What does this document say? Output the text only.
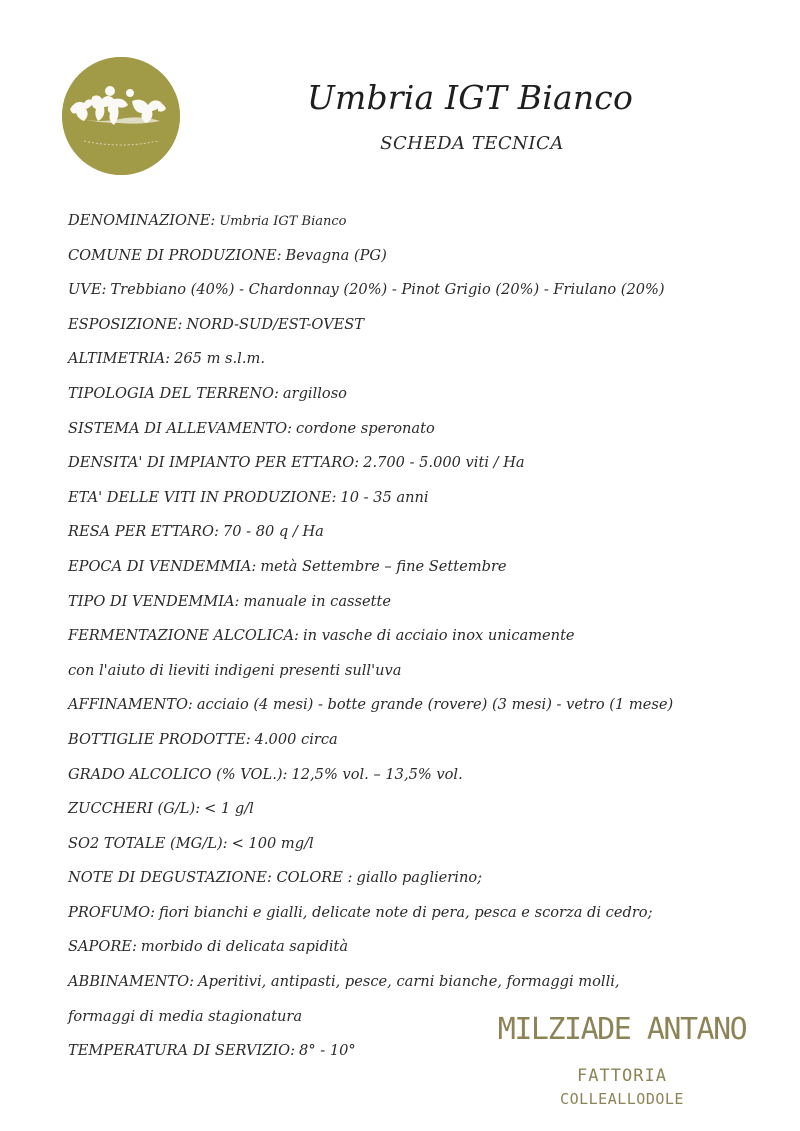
Umbria IGT Bianco
SCHEDA TECNICA
DENOMINAZIONE: Umbria IGT Bianco
COMUNE DI PRODUZIONE: Bevagna (PG)
UVE: Trebbiano (40%) - Chardonnay (20%) - Pinot Grigio (20%) - Friulano (20%)
ESPOSIZIONE: NORD-SUD/EST-OVEST
ALTIMETRIA: 265 m s.l.m.
TIPOLOGIA DEL TERRENO: argilloso
SISTEMA DI ALLEVAMENTO: cordone speronato
DENSITA' DI IMPIANTO PER ETTARO: 2.700 - 5.000 viti / Ha
ETA' DELLE VITI IN PRODUZIONE: 10 - 35 anni
RESA PER ETTARO: 70 - 80 q / Ha
EPOCA DI VENDEMMIA: metà Settembre – fine Settembre
TIPO DI VENDEMMIA: manuale in cassette
FERMENTAZIONE ALCOLICA: in vasche di acciaio inox unicamente
con l'aiuto di lieviti indigeni presenti sull'uva
AFFINAMENTO: acciaio (4 mesi) - botte grande (rovere) (3 mesi) - vetro (1 mese)
BOTTIGLIE PRODOTTE: 4.000 circa
GRADO ALCOLICO (% VOL.): 12,5% vol. – 13,5% vol.
ZUCCHERI (G/L): < 1 g/l
SO2 TOTALE (MG/L): < 100 mg/l
NOTE DI DEGUSTAZIONE: COLORE : giallo paglierino;
PROFUMO: fiori bianchi e gialli, delicate note di pera, pesca e scorza di cedro;
SAPORE: morbido di delicata sapidità
ABBINAMENTO: Aperitivi, antipasti, pesce, carni bianche, formaggi molli,
formaggi di media stagionatura
TEMPERATURA DI SERVIZIO: 8° - 10°
MILZIADE ANTANO
FATTORIA
COLLEALLODOLE
